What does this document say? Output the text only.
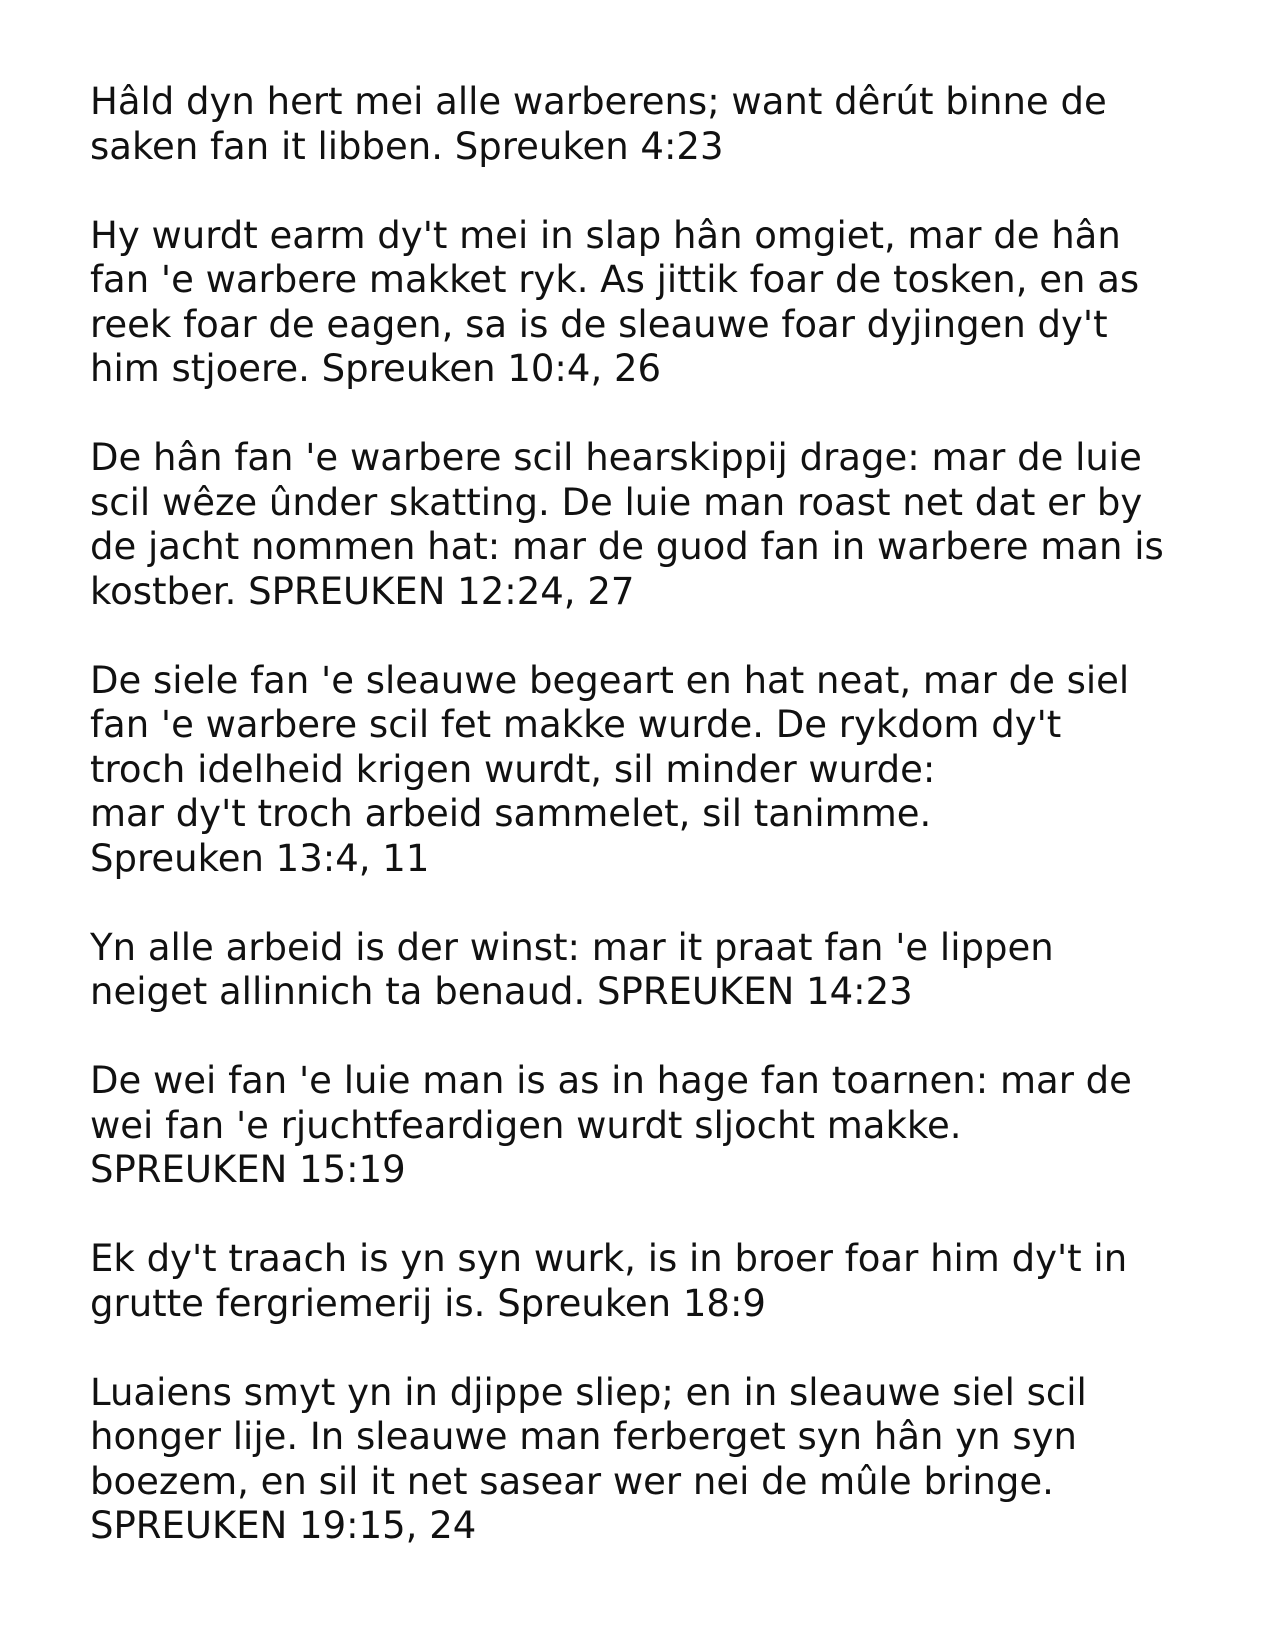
Hâld dyn hert mei alle warberens; want dêrút binne de
saken fan it libben. Spreuken 4:23

Hy wurdt earm dy't mei in slap hân omgiet, mar de hân
fan 'e warbere makket ryk. As jittik foar de tosken, en as
reek foar de eagen, sa is de sleauwe foar dyjingen dy't
him stjoere. Spreuken 10:4, 26

De hân fan 'e warbere scil hearskippij drage: mar de luie
scil wêze ûnder skatting. De luie man roast net dat er by
de jacht nommen hat: mar de guod fan in warbere man is
kostber. SPREUKEN 12:24, 27

De siele fan 'e sleauwe begeart en hat neat, mar de siel
fan 'e warbere scil fet makke wurde. De rykdom dy't
troch idelheid krigen wurdt, sil minder wurde:
mar dy't troch arbeid sammelet, sil tanimme.
Spreuken 13:4, 11

Yn alle arbeid is der winst: mar it praat fan 'e lippen
neiget allinnich ta benaud. SPREUKEN 14:23

De wei fan 'e luie man is as in hage fan toarnen: mar de
wei fan 'e rjuchtfeardigen wurdt sljocht makke.
SPREUKEN 15:19

Ek dy't traach is yn syn wurk, is in broer foar him dy't in
grutte fergriemerij is. Spreuken 18:9

Luaiens smyt yn in djippe sliep; en in sleauwe siel scil
honger lije. In sleauwe man ferberget syn hân yn syn
boezem, en sil it net sasear wer nei de mûle bringe.
SPREUKEN 19:15, 24
